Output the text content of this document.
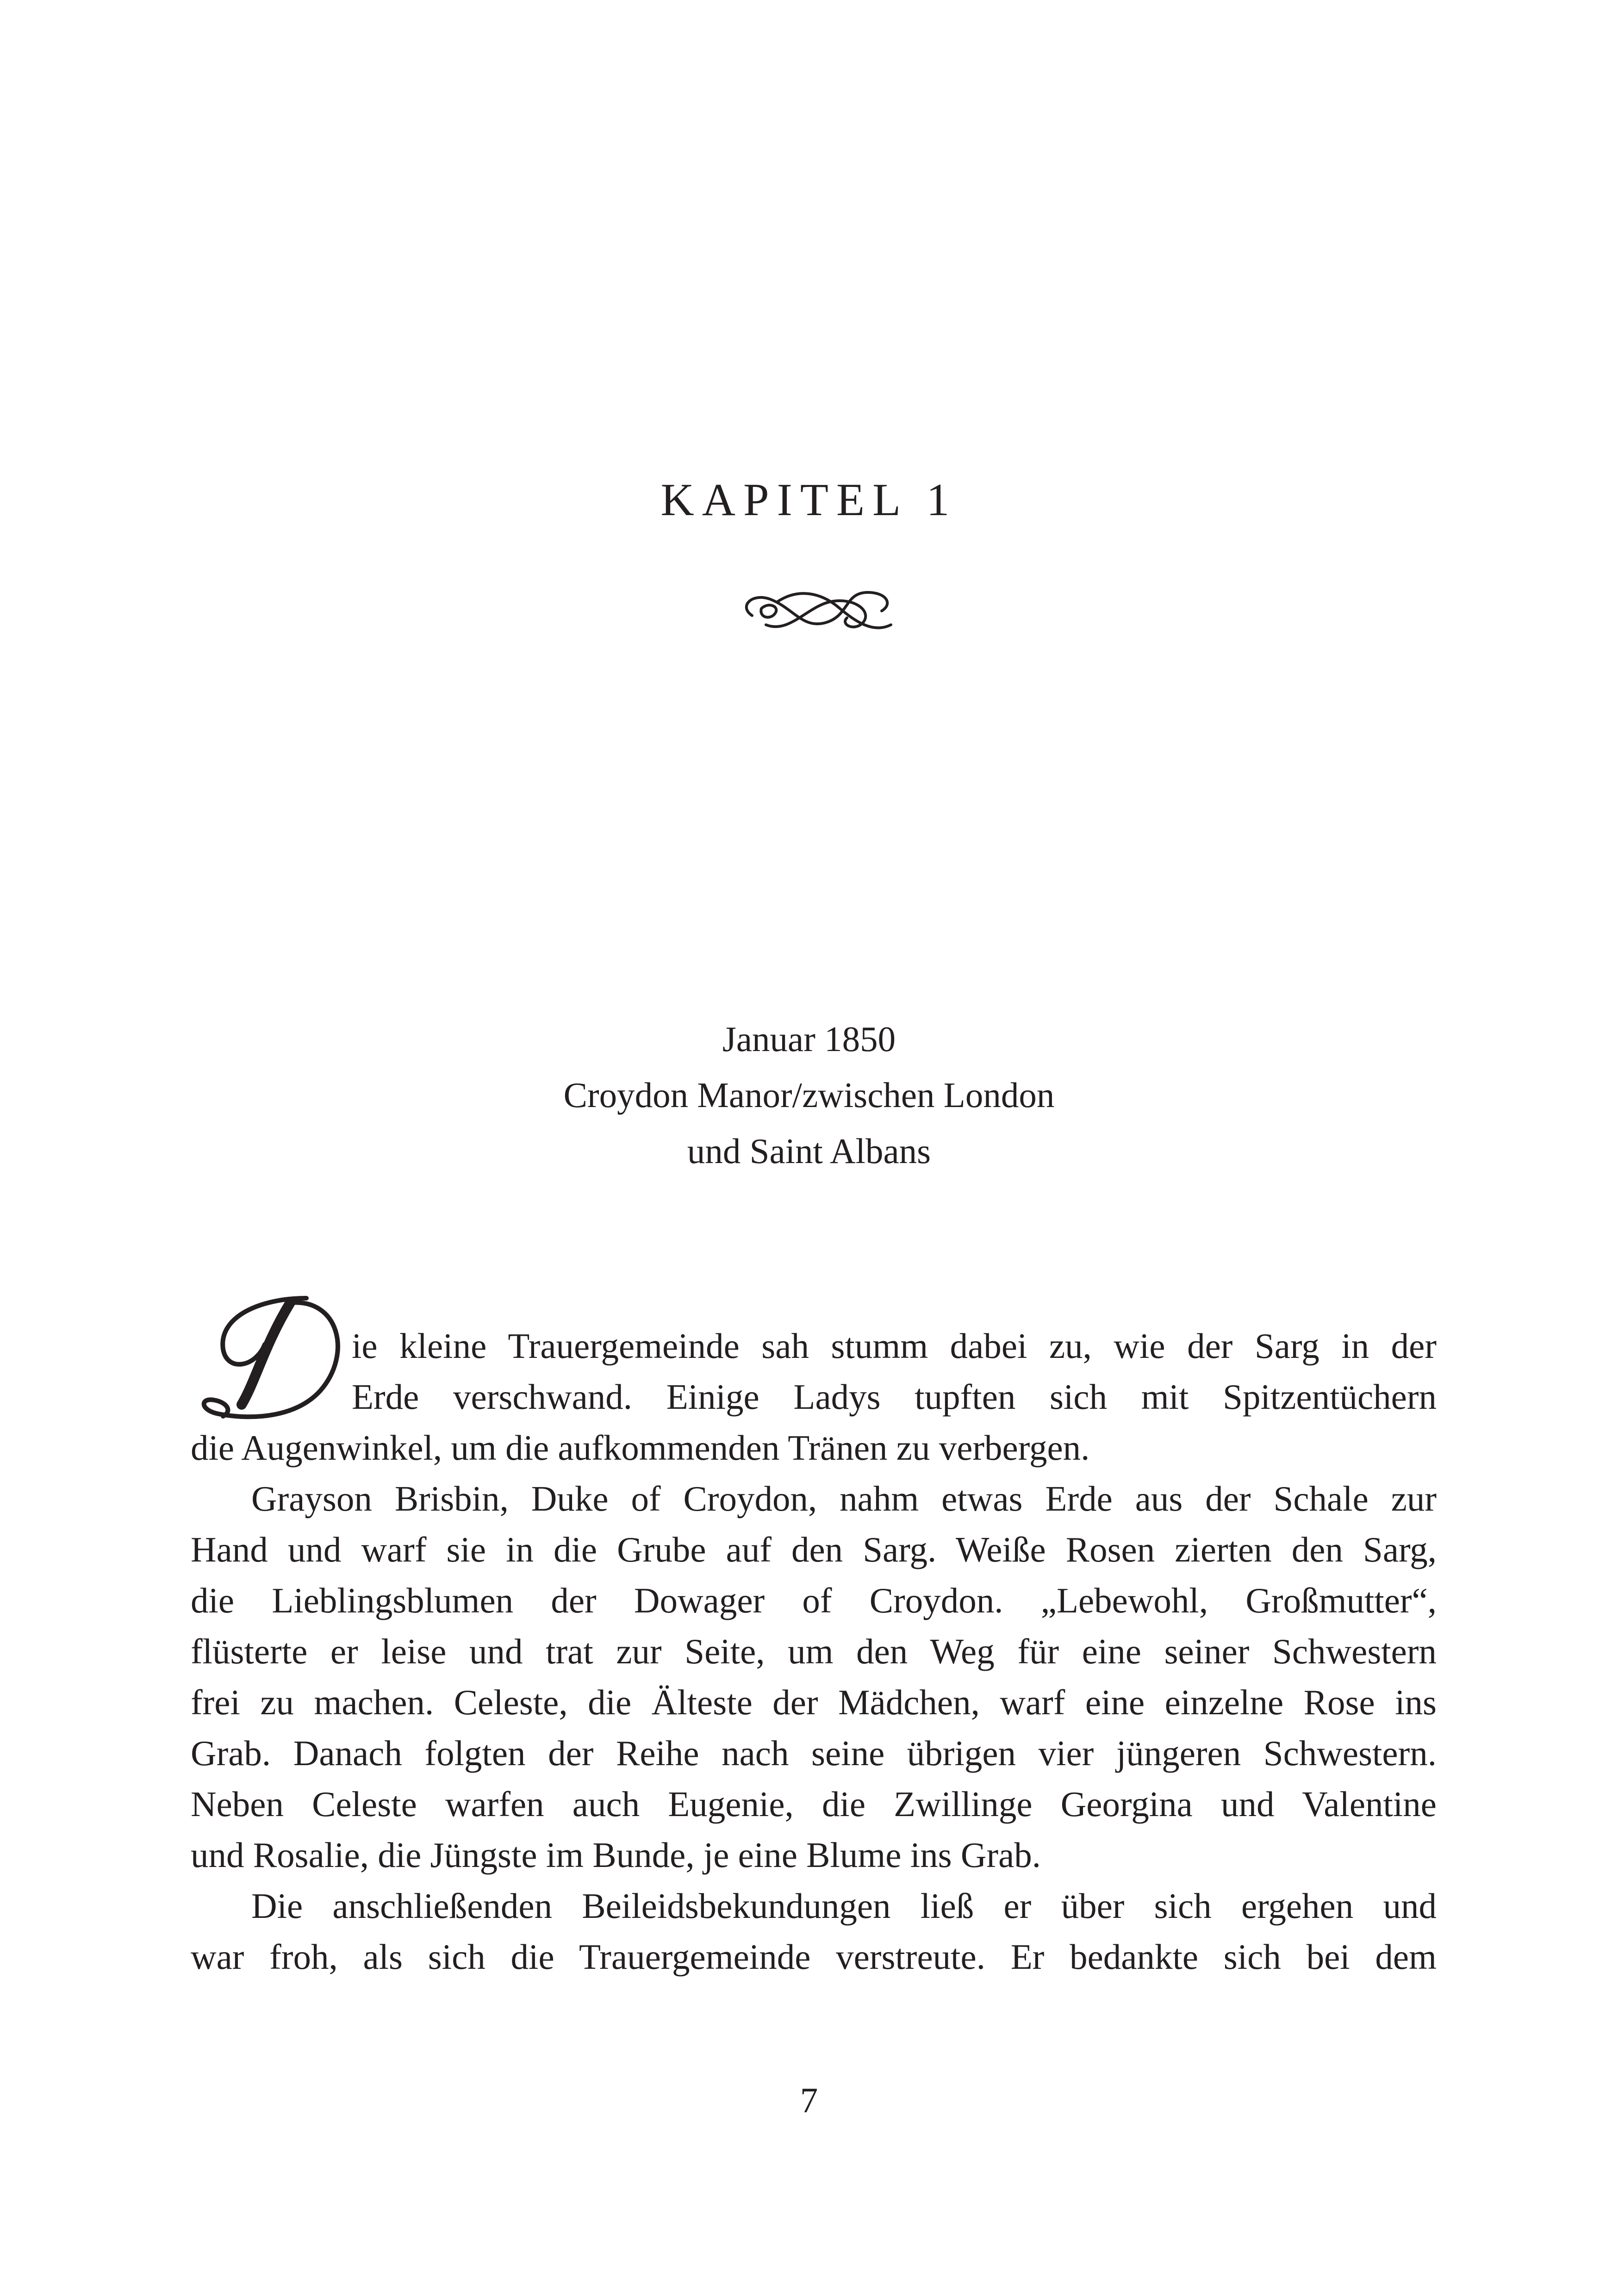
KAPITEL 1
Januar 1850
Croydon Manor/zwischen London
und Saint Albans
ie kleine Trauergemeinde sah stumm dabei zu, wie der Sarg in der
Erde verschwand. Einige Ladys tupften sich mit Spitzentüchern
die Augenwinkel, um die aufkommenden Tränen zu verbergen.
Grayson Brisbin, Duke of Croydon, nahm etwas Erde aus der Schale zur
Hand und warf sie in die Grube auf den Sarg. Weiße Rosen zierten den Sarg,
die Lieblingsblumen der Dowager of Croydon. „Lebewohl, Großmutter“,
flüsterte er leise und trat zur Seite, um den Weg für eine seiner Schwestern
frei zu machen. Celeste, die Älteste der Mädchen, warf eine einzelne Rose ins
Grab. Danach folgten der Reihe nach seine übrigen vier jüngeren Schwestern.
Neben Celeste warfen auch Eugenie, die Zwillinge Georgina und Valentine
und Rosalie, die Jüngste im Bunde, je eine Blume ins Grab.
Die anschließenden Beileidsbekundungen ließ er über sich ergehen und
war froh, als sich die Trauergemeinde verstreute. Er bedankte sich bei dem
7
